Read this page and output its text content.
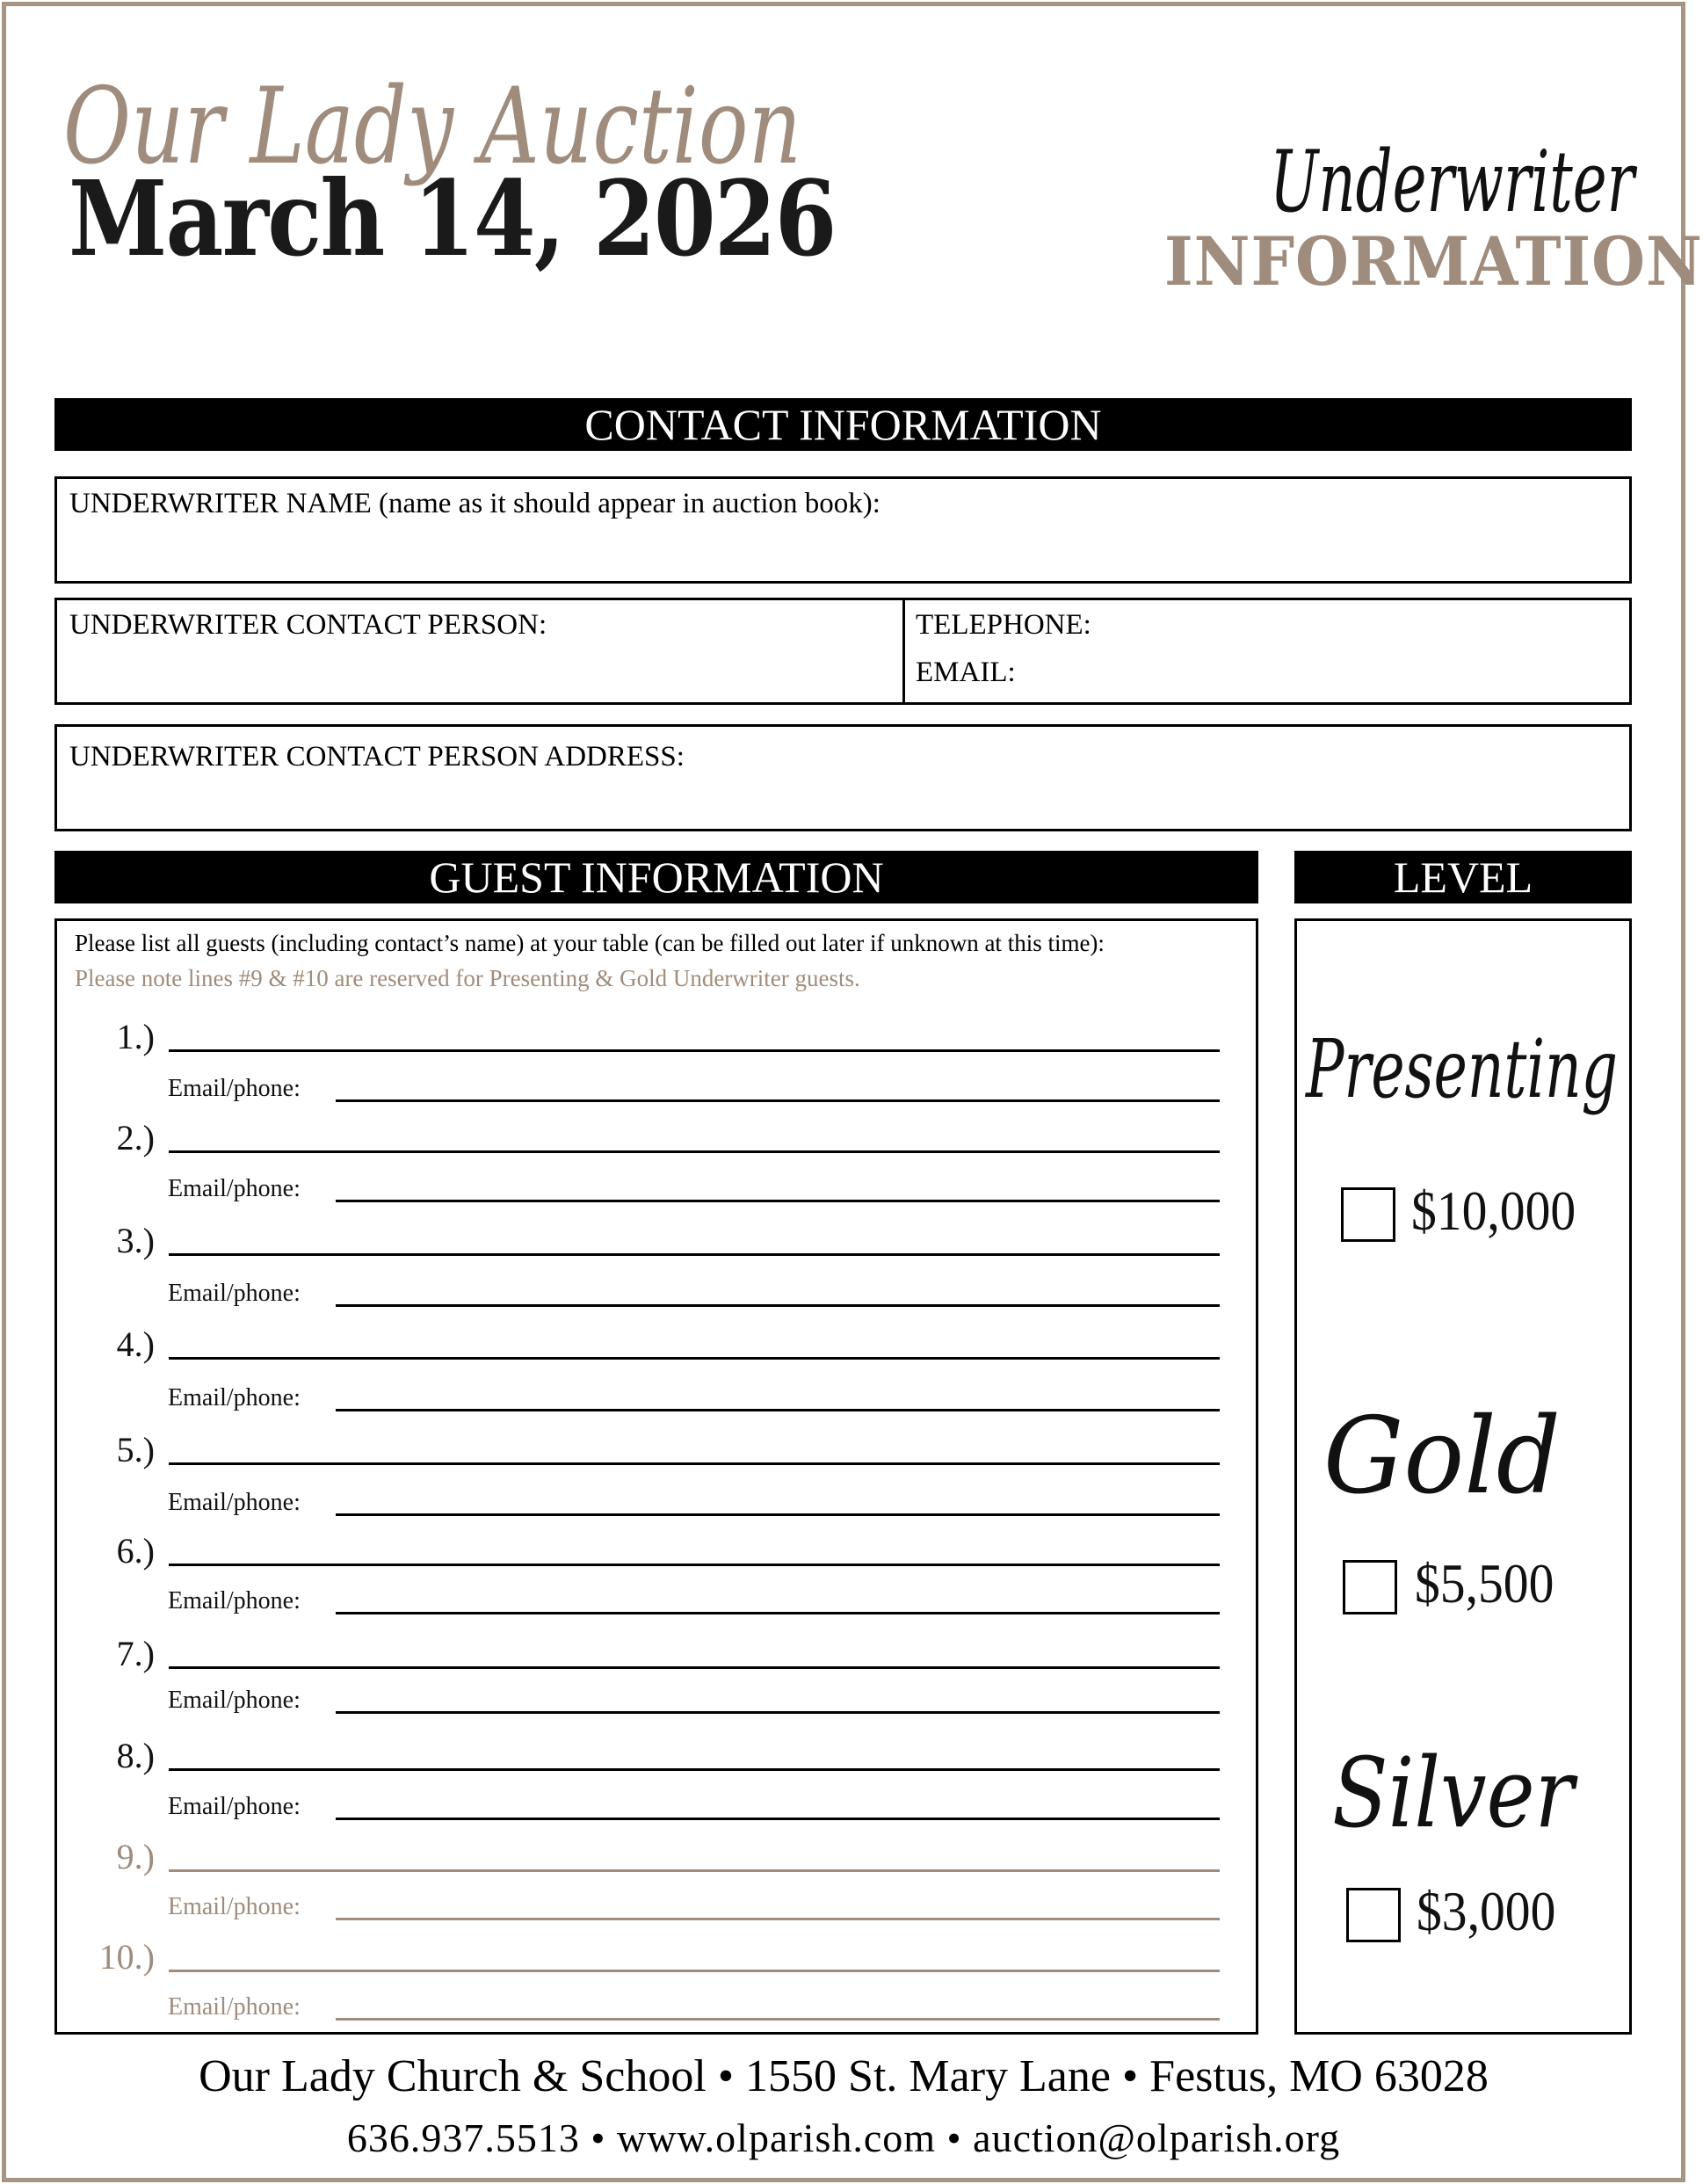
Our Lady Auction
March 14, 2026	Underwriter
INFORMATION
CONTACT INFORMATION
UNDERWRITER NAME (name as it should appear in auction book):
UNDERWRITER CONTACT PERSON:	TELEPHONE:
EMAIL:
UNDERWRITER CONTACT PERSON ADDRESS:
GUEST INFORMATION
Please list all guests (including contact’s name) at your table (can be filled out later if unknown at this time):
Please note lines #9 & #10 are reserved for Presenting & Gold Underwriter guests.
1.)
Email/phone:
2.)
Email/phone:
3.)
Email/phone:
4.)
Email/phone:
5.)
Email/phone:
6.)
Email/phone:
7.)
Email/phone:
8.)
Email/phone:
9.)
Email/phone:
10.)
Email/phone:
LEVEL
Presenting
$10,000
Gold
$5,500
Silver
$3,000
Our Lady Church & School • 1550 St. Mary Lane • Festus, MO 63028
636.937.5513 • www.olparish.com • auction@olparish.org
